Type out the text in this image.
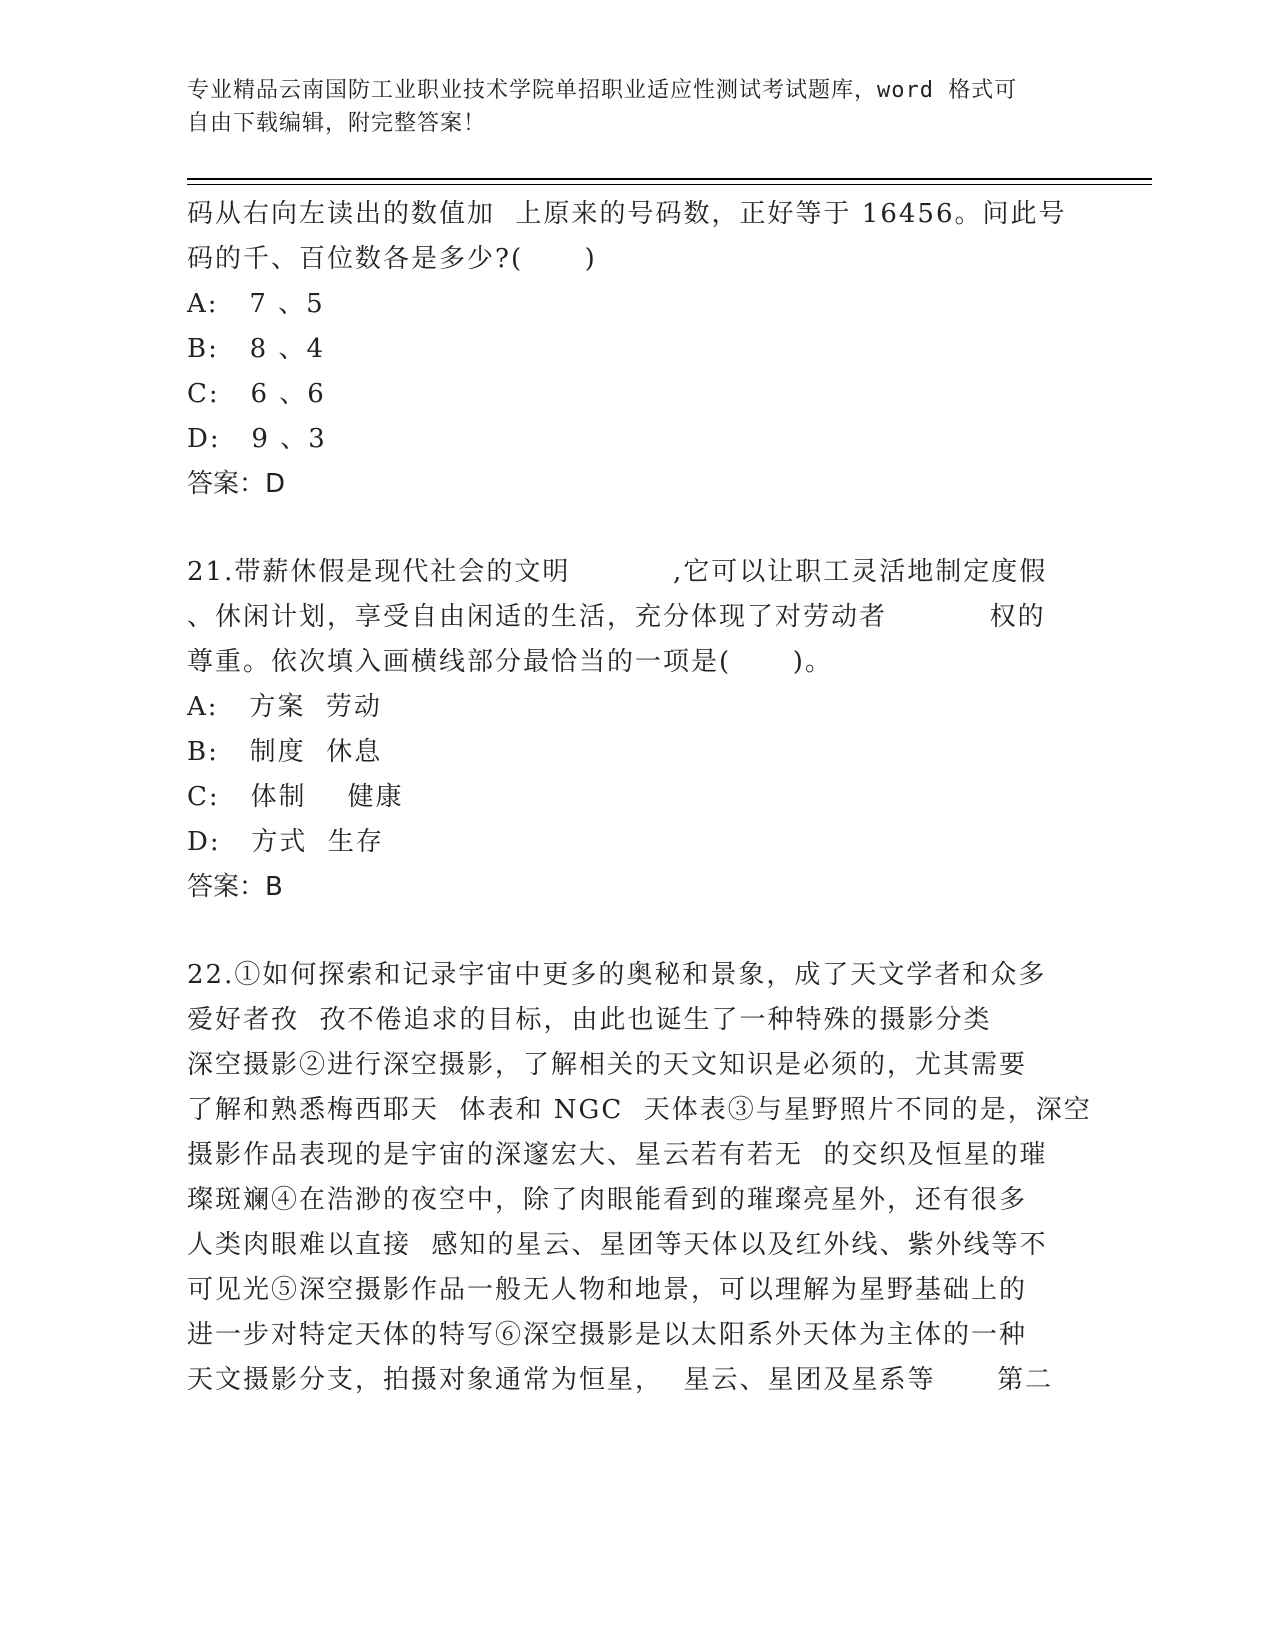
专业精品云南国防工业职业技术学院单招职业适应性测试考试题库，word 格式可
自由下载编辑，附完整答案！
码从右向左读出的数值加  上原来的号码数，正好等于 16456。问此号
码的千、百位数各是多少?(      )
A:   7 、5
B:   8 、4
C:   6 、6
D:   9 、3
答案：D
21.带薪休假是现代社会的文明          ,它可以让职工灵活地制定度假
、休闲计划，享受自由闲适的生活，充分体现了对劳动者          权的
尊重。依次填入画横线部分最恰当的一项是(      )。
A:   方案  劳动
B:   制度  休息
C:   体制    健康
D:   方式  生存
答案：B
22.①如何探索和记录宇宙中更多的奥秘和景象，成了天文学者和众多
爱好者孜  孜不倦追求的目标，由此也诞生了一种特殊的摄影分类
深空摄影②进行深空摄影，了解相关的天文知识是必须的，尤其需要
了解和熟悉梅西耶天  体表和 NGC  天体表③与星野照片不同的是，深空
摄影作品表现的是宇宙的深邃宏大、星云若有若无  的交织及恒星的璀
璨斑斓④在浩渺的夜空中，除了肉眼能看到的璀璨亮星外，还有很多
人类肉眼难以直接  感知的星云、星团等天体以及红外线、紫外线等不
可见光⑤深空摄影作品一般无人物和地景，可以理解为星野基础上的
进一步对特定天体的特写⑥深空摄影是以太阳系外天体为主体的一种
天文摄影分支，拍摄对象通常为恒星，  星云、星团及星系等      第二
